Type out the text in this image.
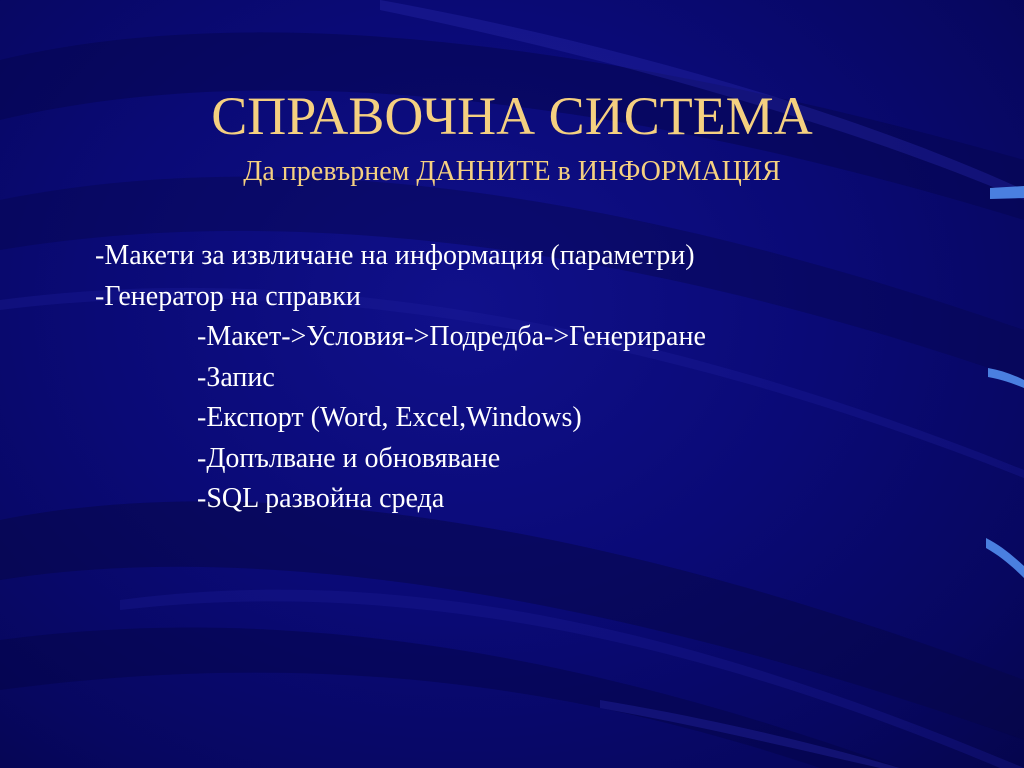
СПРАВОЧНА СИСТЕМА
Да превърнем ДАННИТЕ в ИНФОРМАЦИЯ
-Макети за извличане на информация (параметри)
-Генератор на справки
-Макет->Условия->Подредба->Генериране
-Запис
-Експорт (Word, Excel,Windows)
-Допълване и обновяване
-SQL развойна среда
